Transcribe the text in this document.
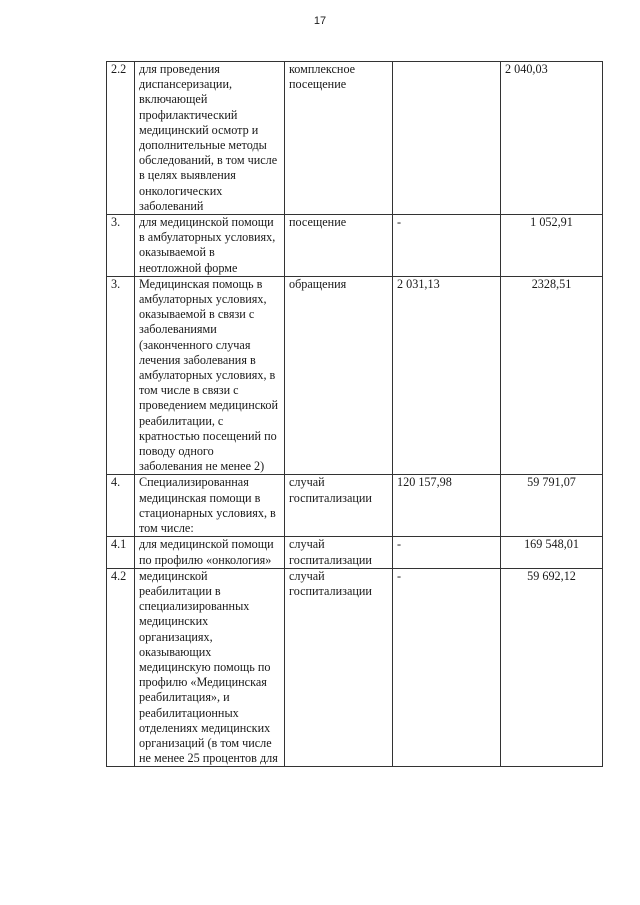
17
2.2	для проведения диспансеризации, включающей профилактический медицинский осмотр и дополнительные методы обследований, в том числе в целях выявления онкологических заболеваний	комплексное посещение		2 040,03
3.	для медицинской помощи в амбулаторных условиях, оказываемой в неотложной форме	посещение	-	1 052,91
3.	Медицинская помощь в амбулаторных условиях, оказываемой в связи с заболеваниями (законченного случая лечения заболевания в амбулаторных условиях, в том числе в связи с проведением медицинской реабилитации, с кратностью посещений по поводу одного заболевания не менее 2)	обращения	2 031,13	2328,51
4.	Специализированная медицинская помощи в стационарных условиях, в том числе:	случай госпитализации	120 157,98	59 791,07
4.1	для медицинской помощи по профилю «онкология»	случай госпитализации	-	169 548,01
4.2	медицинской реабилитации в специализированных медицинских организациях, оказывающих медицинскую помощь по профилю «Медицинская реабилитация», и реабилитационных отделениях медицинских организаций (в том числе не менее 25 процентов для	случай госпитализации	-	59 692,12
